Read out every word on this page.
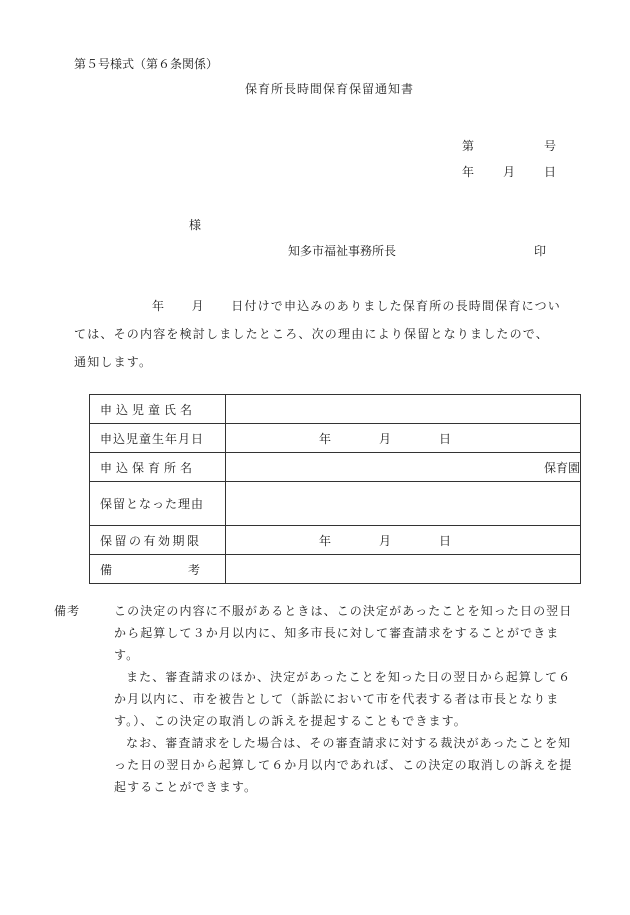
第５号様式（第６条関係）
保育所長時間保育保留通知書
第	号
年 月 日
様
知多市福祉事務所長	印

年　　月　　日付けで申込みのありました保育所の長時間保育につい

ては、その内容を検討しましたところ、次の理由により保留となりましたので、

通知します。

申込児童氏名	
申込児童生年月日	年 月 日

申込保育所名	保育園
保留となった理由	
保留の有効期限	年 月 日

備 考	

備考	この決定の内容に不服があるときは、この決定があったことを知った日の翌日から起算して３か月以内に、知多市長に対して審査請求をすることができます。

また、審査請求のほか、決定があったことを知った日の翌日から起算して６か月以内に、市を被告として（訴訟において市を代表する者は市長となります。）、この決定の取消しの訴えを提起することもできます。

なお、審査請求をした場合は、その審査請求に対する裁決があったことを知った日の翌日から起算して６か月以内であれば、この決定の取消しの訴えを提起することができます。
